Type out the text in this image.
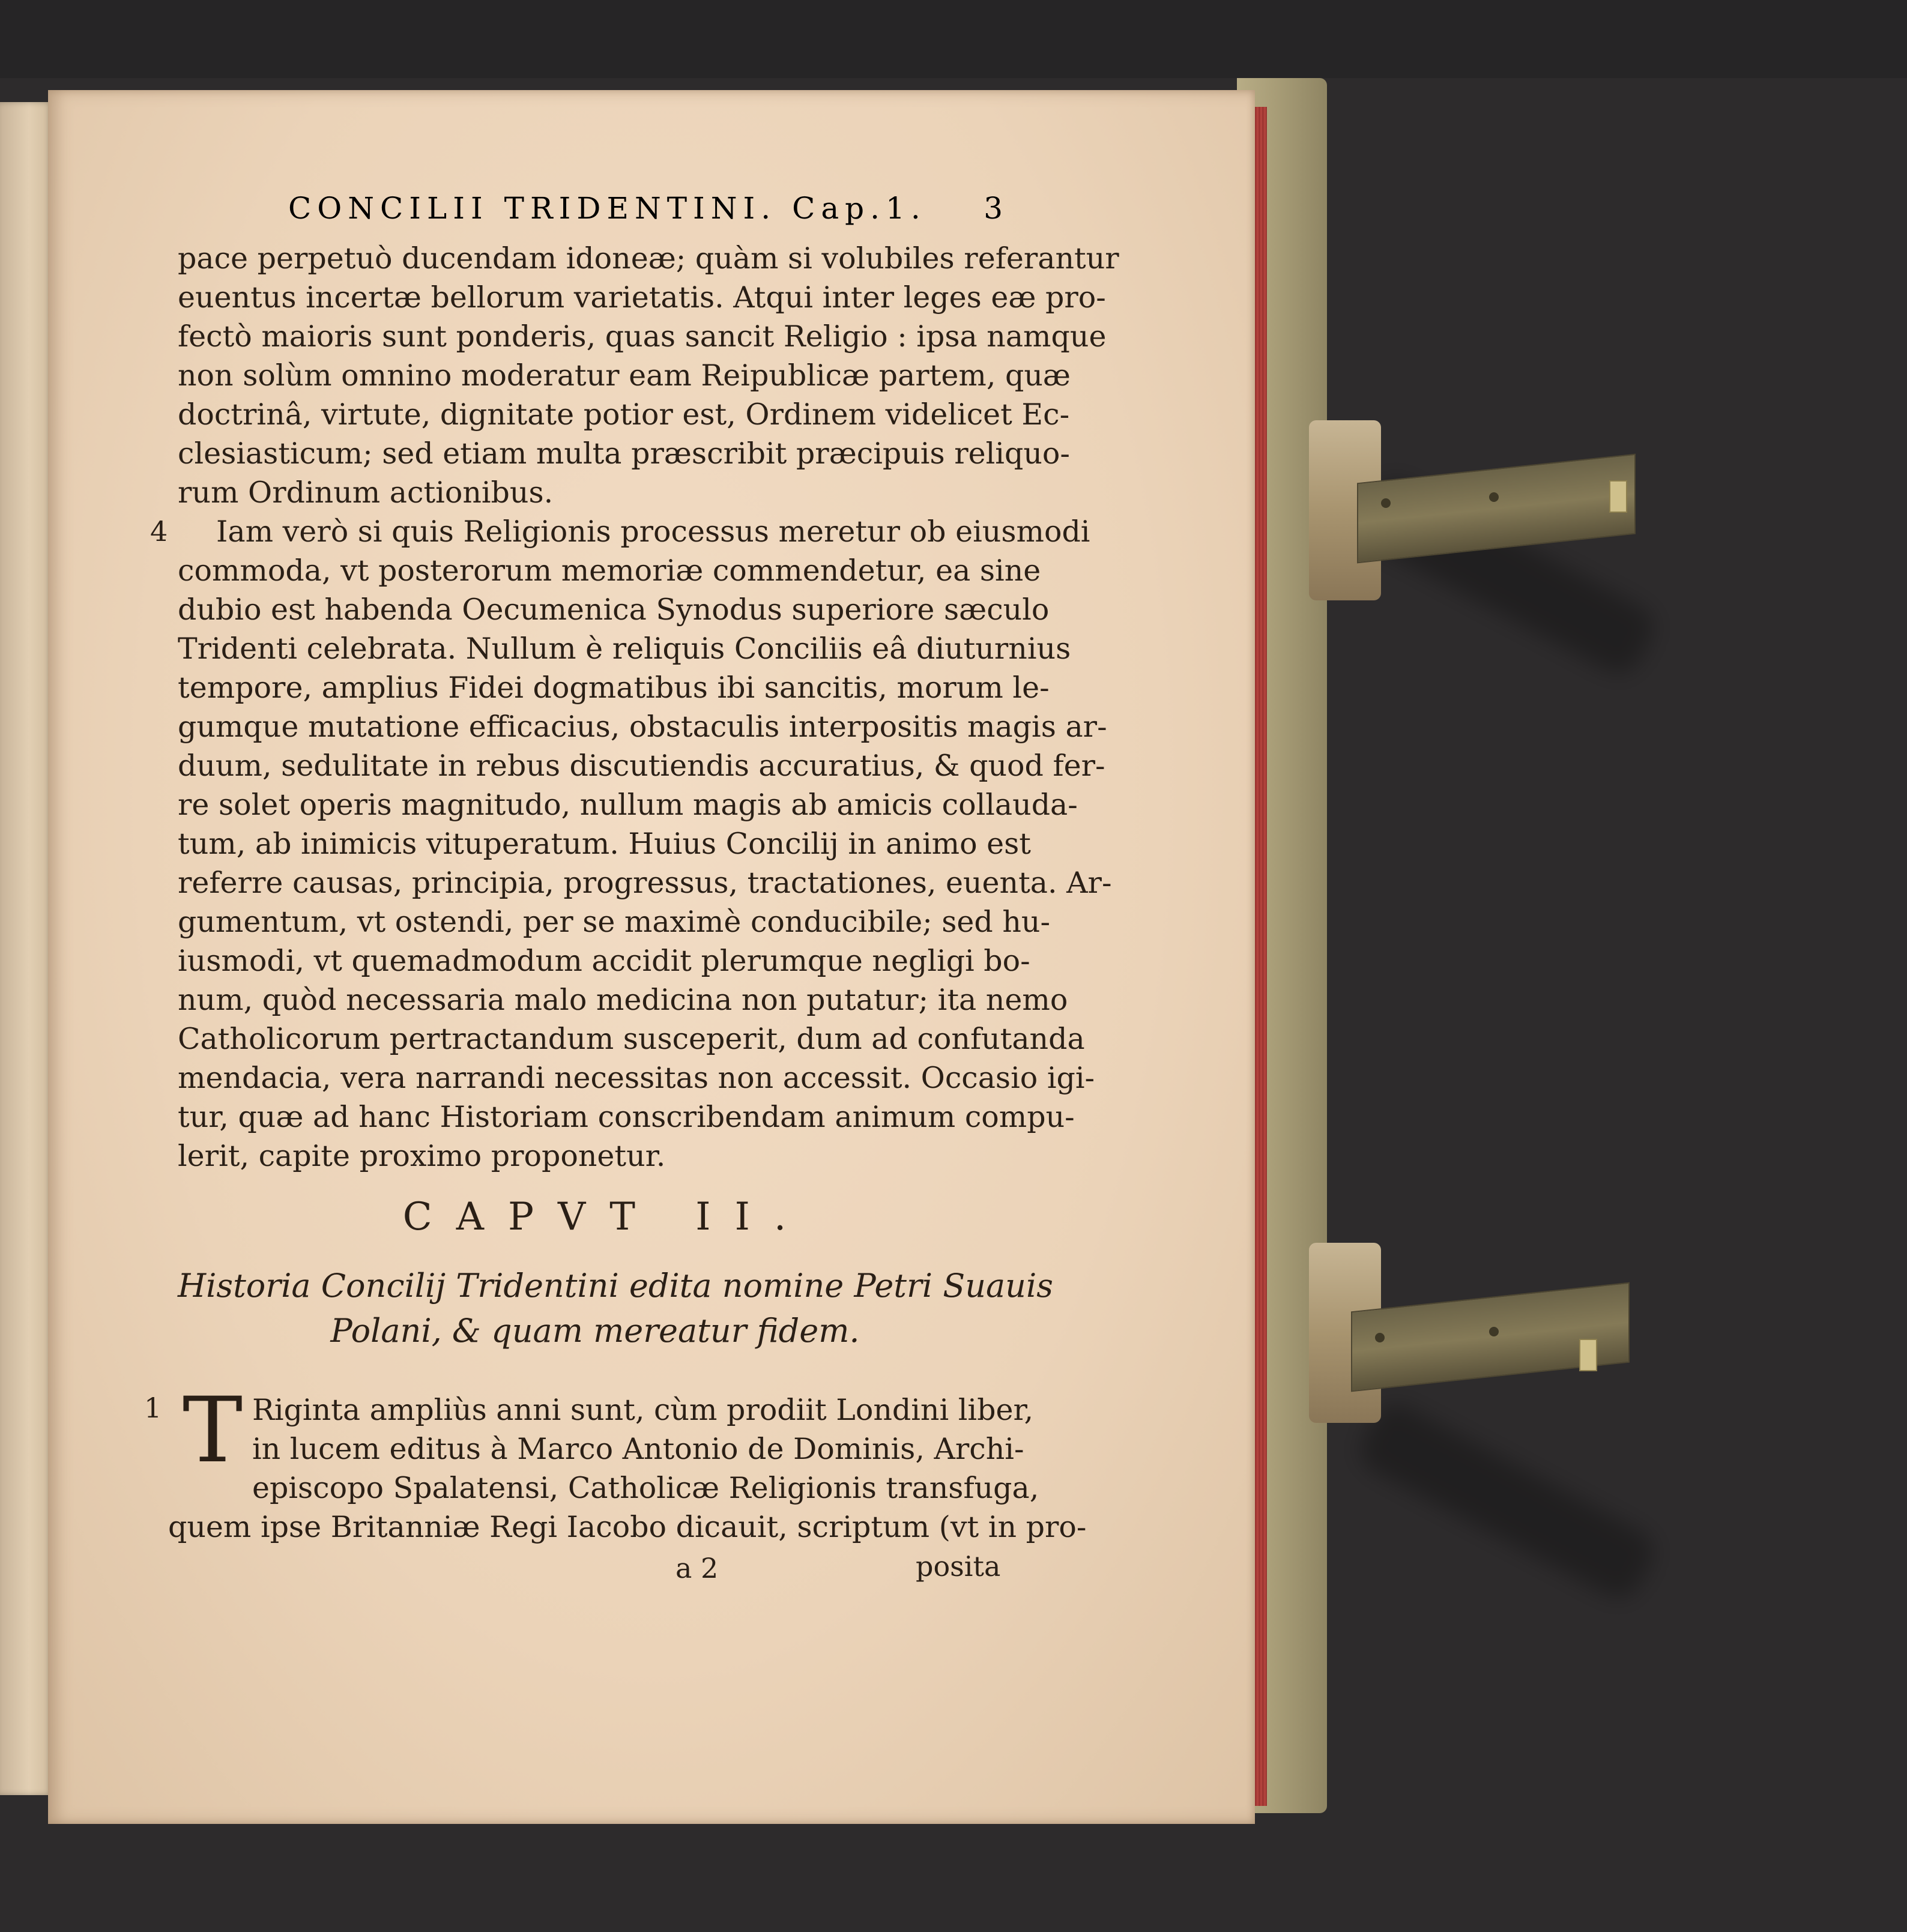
CONCILII TRIDENTINI. Cap.1. 3
pace perpetuò ducendam idoneæ; quàm si volubiles referantur
euentus incertæ bellorum varietatis. Atqui inter leges eæ pro-
fectò maioris sunt ponderis, quas sancit Religio : ipsa namque
non solùm omnino moderatur eam Reipublicæ partem, quæ
doctrinâ, virtute, dignitate potior est, Ordinem videlicet Ec-
clesiasticum; sed etiam multa præscribit præcipuis reliquo-
rum Ordinum actionibus.
4 Iam verò si quis Religionis processus meretur ob eiusmodi
commoda, vt posterorum memoriæ commendetur, ea sine
dubio est habenda Oecumenica Synodus superiore sæculo
Tridenti celebrata. Nullum è reliquis Conciliis eâ diuturnius
tempore, amplius Fidei dogmatibus ibi sancitis, morum le-
gumque mutatione efficacius, obstaculis interpositis magis ar-
duum, sedulitate in rebus discutiendis accuratius, & quod fer-
re solet operis magnitudo, nullum magis ab amicis collauda-
tum, ab inimicis vituperatum. Huius Concilij in animo est
referre causas, principia, progressus, tractationes, euenta. Ar-
gumentum, vt ostendi, per se maximè conducibile; sed hu-
iusmodi, vt quemadmodum accidit plerumque negligi bo-
num, quòd necessaria malo medicina non putatur; ita nemo
Catholicorum pertractandum susceperit, dum ad confutanda
mendacia, vera narrandi necessitas non accessit. Occasio igi-
tur, quæ ad hanc Historiam conscribendam animum compu-
lerit, capite proximo proponetur.
CAPVT II.
Historia Concilij Tridentini edita nomine Petri Suauis
Polani, & quam mereatur fidem.
1 T Riginta ampliùs anni sunt, cùm prodiit Londini liber,
in lucem editus à Marco Antonio de Dominis, Archi-
episcopo Spalatensi, Catholicæ Religionis transfuga,
quem ipse Britanniæ Regi Iacobo dicauit, scriptum (vt in pro-
a 2	posita
